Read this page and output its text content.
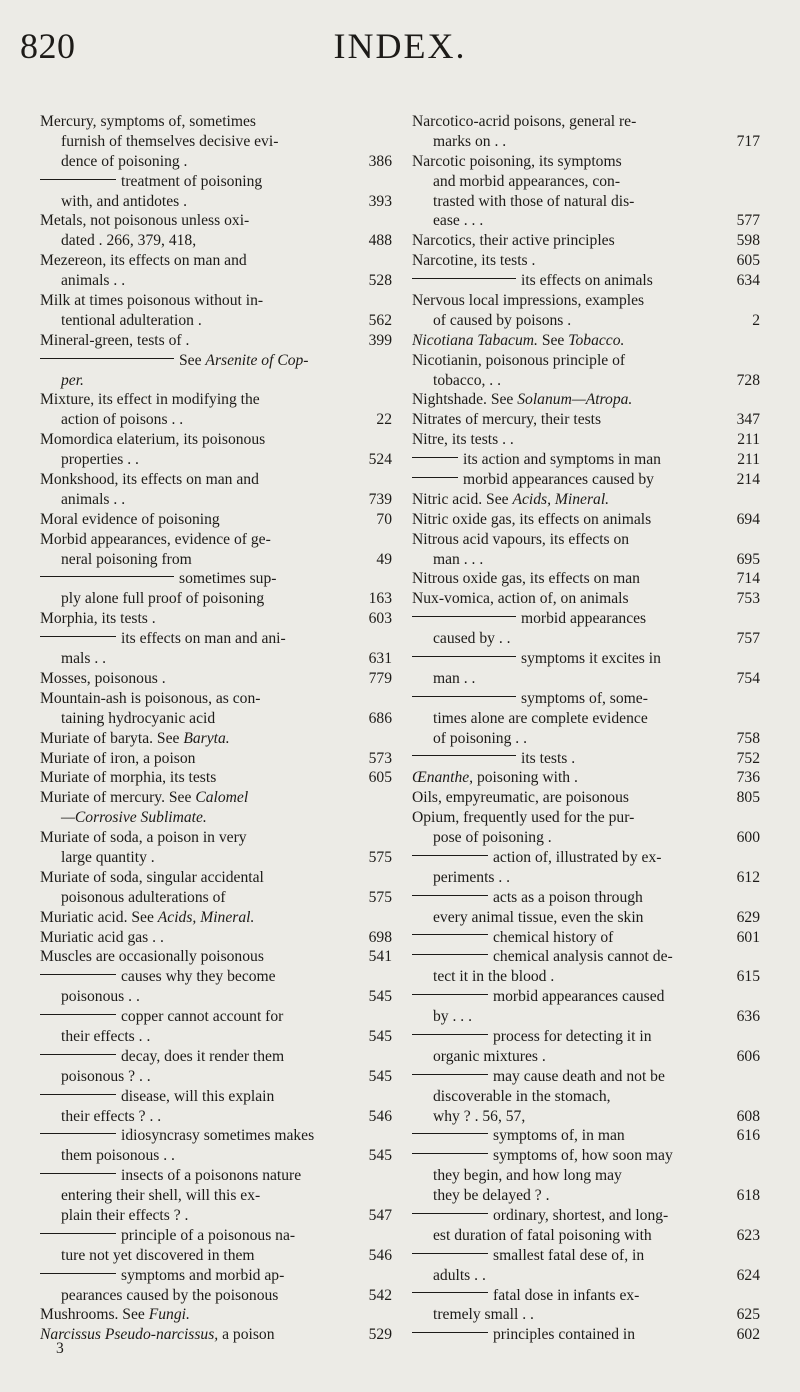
820	INDEX.
Mercury, symptoms of, sometimes
furnish of themselves decisive evi-
dence of poisoning .	386
treatment of poisoning
with, and antidotes .	393
Metals, not poisonous unless oxi-
dated . 266, 379, 418,	488
Mezereon, its effects on man and
animals . .	528
Milk at times poisonous without in-
tentional adulteration .	562
Mineral-green, tests of .	399
See Arsenite of Cop-
per.
Mixture, its effect in modifying the
action of poisons . .	22
Momordica elaterium, its poisonous
properties . .	524
Monkshood, its effects on man and
animals . .	739
Moral evidence of poisoning	70
Morbid appearances, evidence of ge-
neral poisoning from	49
sometimes sup-
ply alone full proof of poisoning	163
Morphia, its tests .	603
its effects on man and ani-
mals . .	631
Mosses, poisonous .	779
Mountain-ash is poisonous, as con-
taining hydrocyanic acid	686
Muriate of baryta. See Baryta.
Muriate of iron, a poison	573
Muriate of morphia, its tests	605
Muriate of mercury. See Calomel
—Corrosive Sublimate.
Muriate of soda, a poison in very
large quantity .	575
Muriate of soda, singular accidental
poisonous adulterations of	575
Muriatic acid. See Acids, Mineral.
Muriatic acid gas . .	698
Muscles are occasionally poisonous	541
causes why they become
poisonous . .	545
copper cannot account for
their effects . .	545
decay, does it render them
poisonous ? . .	545
disease, will this explain
their effects ? . .	546
idiosyncrasy sometimes makes
them poisonous . .	545
insects of a poisonons nature
entering their shell, will this ex-
plain their effects ? .	547
principle of a poisonous na-
ture not yet discovered in them	546
symptoms and morbid ap-
pearances caused by the poisonous	542
Mushrooms. See Fungi.
Narcissus Pseudo-narcissus, a poison	529
Narcotico-acrid poisons, general re-
marks on . .	717
Narcotic poisoning, its symptoms
and morbid appearances, con-
trasted with those of natural dis-
ease . . .	577
Narcotics, their active principles	598
Narcotine, its tests .	605
its effects on animals	634
Nervous local impressions, examples
of caused by poisons .	2
Nicotiana Tabacum. See Tobacco.
Nicotianin, poisonous principle of
tobacco, . .	728
Nightshade. See Solanum—Atropa.
Nitrates of mercury, their tests	347
Nitre, its tests . .	211
its action and symptoms in man	211
morbid appearances caused by	214
Nitric acid. See Acids, Mineral.
Nitric oxide gas, its effects on animals	694
Nitrous acid vapours, its effects on
man . . .	695
Nitrous oxide gas, its effects on man	714
Nux-vomica, action of, on animals	753
morbid appearances
caused by . .	757
symptoms it excites in
man . .	754
symptoms of, some-
times alone are complete evidence
of poisoning . .	758
its tests .	752
Œnanthe, poisoning with .	736
Oils, empyreumatic, are poisonous	805
Opium, frequently used for the pur-
pose of poisoning .	600
action of, illustrated by ex-
periments . .	612
acts as a poison through
every animal tissue, even the skin	629
chemical history of	601
chemical analysis cannot de-
tect it in the blood .	615
morbid appearances caused
by . . .	636
process for detecting it in
organic mixtures .	606
may cause death and not be
discoverable in the stomach,
why ? . 56, 57,	608
symptoms of, in man	616
symptoms of, how soon may
they begin, and how long may
they be delayed ? .	618
ordinary, shortest, and long-
est duration of fatal poisoning with	623
smallest fatal dese of, in
adults . .	624
fatal dose in infants ex-
tremely small . .	625
principles contained in	602
3
